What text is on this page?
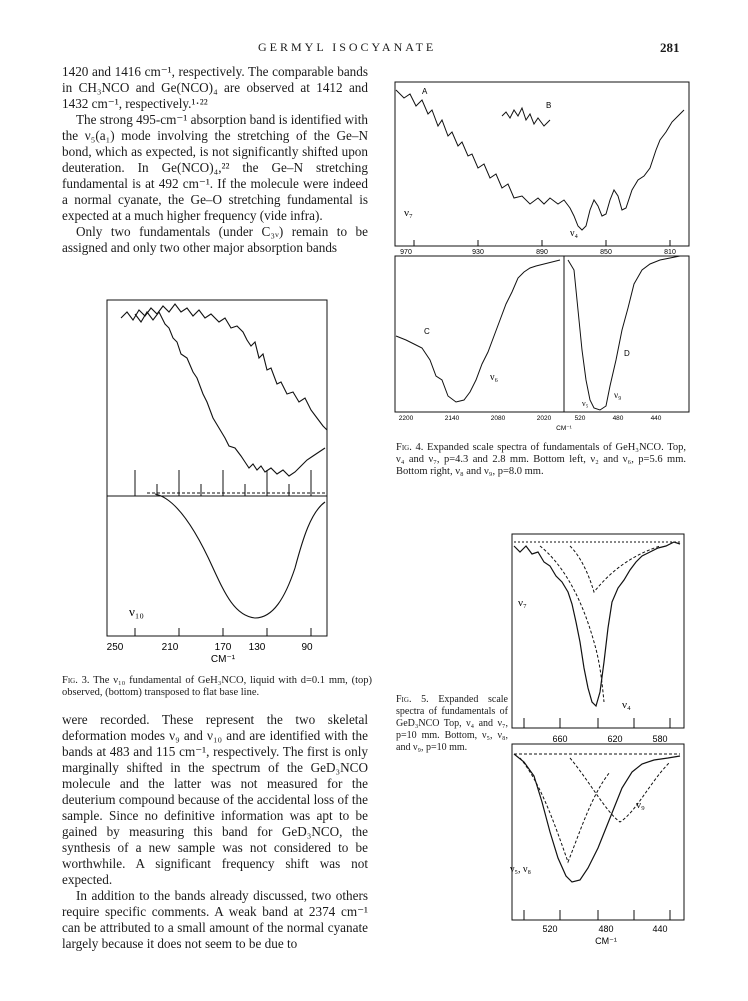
GERMYL ISOCYANATE	281

1420 and 1416 cm⁻¹, respectively. The comparable bands in CH₃NCO and Ge(NCO)₄ are observed at 1412 and 1432 cm⁻¹, respectively.¹·²²

The strong 495-cm⁻¹ absorption band is identified with the ν₅(a₁) mode involving the stretching of the Ge–N bond, which as expected, is not significantly shifted upon deuteration. In Ge(NCO)₄,²² the Ge–N stretching fundamental is at 492 cm⁻¹. If the molecule were indeed a normal cyanate, the Ge–O stretching fundamental is expected at a much higher frequency (vide infra).

Only two fundamentals (under C₃ᵥ) remain to be assigned and only two other major absorption bands

ν₁₀
250	210	170 130	90
CM⁻¹
Fig. 3. The ν₁₀ fundamental of GeH₃NCO, liquid with d=0.1 mm, (top) observed, (bottom) transposed to flat base line.

were recorded. These represent the two skeletal deformation modes ν₉ and ν₁₀ and are identified with the bands at 483 and 115 cm⁻¹, respectively. The first is only marginally shifted in the spectrum of the GeD₃NCO molecule and the latter was not measured for the deuterium compound because of the accidental loss of the sample. Since no definitive information was apt to be gained by measuring this band for GeD₃NCO, the synthesis of a new sample was not considered to be worthwhile. A significant frequency shift was not expected.

In addition to the bands already discussed, two others require specific comments. A weak band at 2374 cm⁻¹ can be attributed to a small amount of the normal cyanate largely because it does not seem to be due to

A
B
ν₇
ν₄
970	930	890	850	810
C
D
ν₆
ν₅
ν₉
2200	2140	2080	2020	520	480	440
CM⁻¹
Fig. 4. Expanded scale spectra of fundamentals of GeH₃NCO. Top, ν₄ and ν₇, p=4.3 and 2.8 mm. Bottom left, ν₂ and ν₆, p=5.6 mm. Bottom right, ν₈ and ν₉, p=8.0 mm.
Fig. 5. Expanded scale spectra of fundamentals of GeD₃NCO Top, ν₄ and ν₇, p=10 mm. Bottom, ν₅, ν₈, and ν₉, p=10 mm.
ν₇
ν₄
660	620	580
ν₉
ν₅, ν₈
520	480	440
CM⁻¹
